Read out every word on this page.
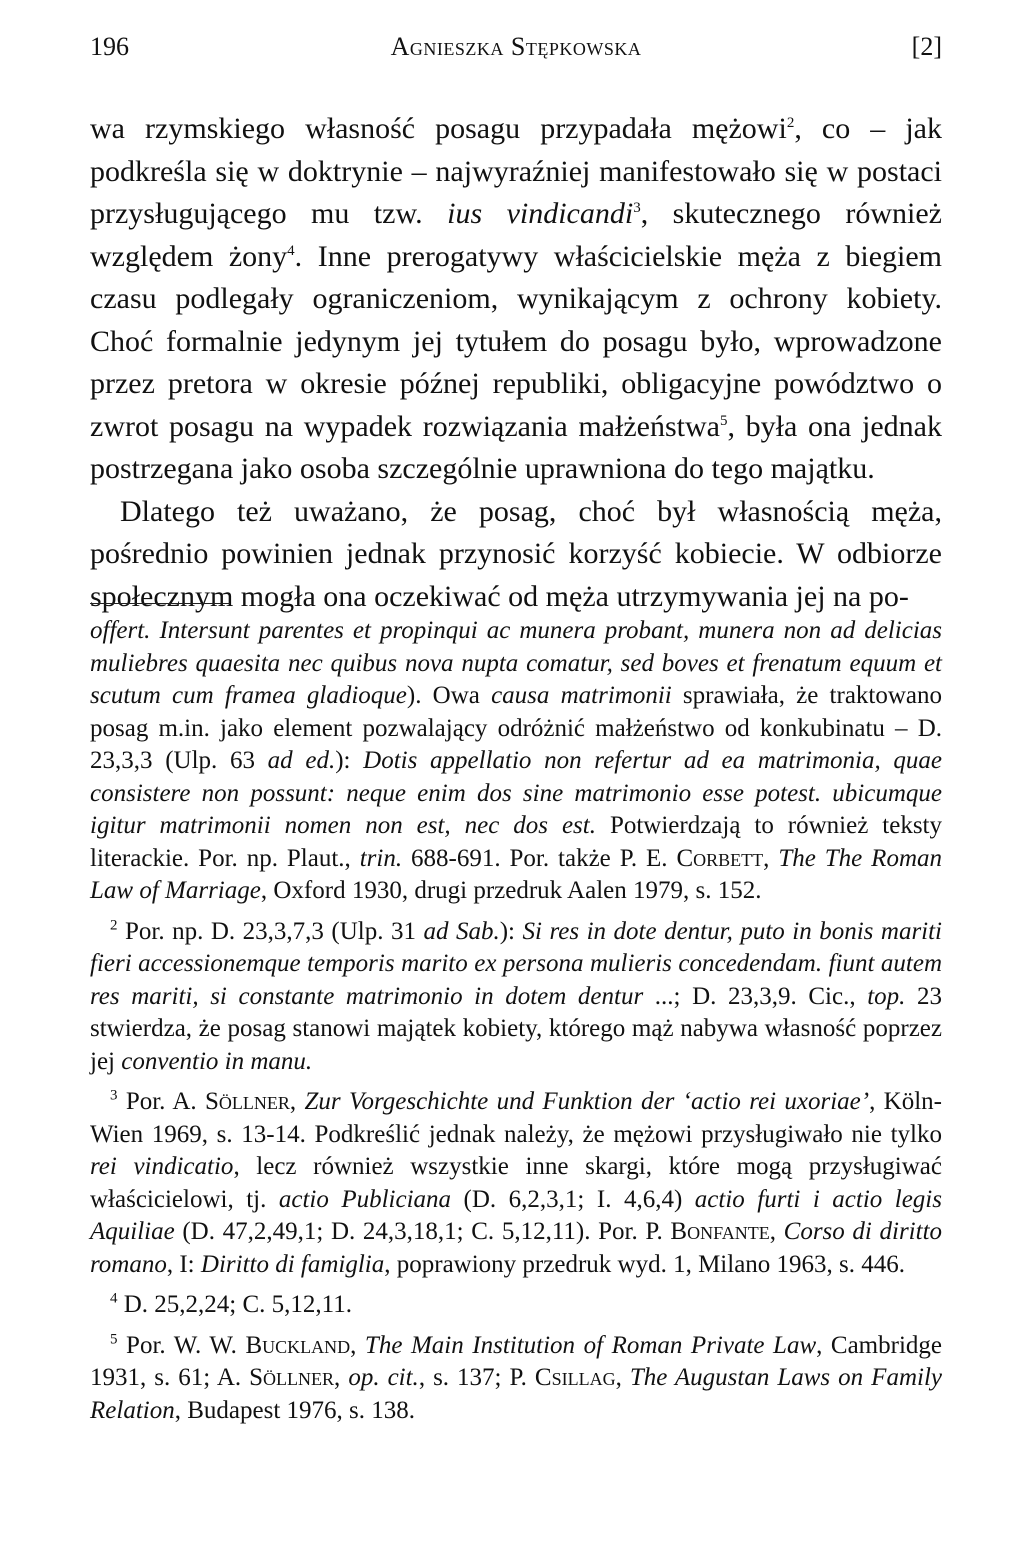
196	Agnieszka Stępkowska	[2]

wa rzymskiego własność posagu przypadała mężowi$^2$, co – jak podkreśla się w doktrynie – najwyraźniej manifestowało się w postaci przysługującego mu tzw. ius vindicandi$^3$, skutecznego również względem żony$^4$. Inne prerogatywy właścicielskie męża z biegiem czasu podlegały ograniczeniom, wynikającym z ochrony kobiety. Choć formalnie jedynym jej tytułem do posagu było, wprowadzone przez pretora w okresie późnej republiki, obligacyjne powództwo o zwrot posagu na wypadek rozwiązania małżeństwa$^5$, była ona jednak postrzegana jako osoba szczególnie uprawniona do tego majątku.

Dlatego też uważano, że posag, choć był własnością męża, pośrednio powinien jednak przynosić korzyść kobiecie. W odbiorze społecznym mogła ona oczekiwać od męża utrzymywania jej na po-

offert. Intersunt parentes et propinqui ac munera probant, munera non ad delicias muliebres quaesita nec quibus nova nupta comatur, sed boves et frenatum equum et scutum cum framea gladioque). Owa causa matrimonii sprawiała, że traktowano posag m.in. jako element pozwalający odróżnić małżeństwo od konkubinatu – D. 23,3,3 (Ulp. 63 ad ed.): Dotis appellatio non refertur ad ea matrimonia, quae consistere non possunt: neque enim dos sine matrimonio esse potest. ubicumque igitur matrimonii nomen non est, nec dos est. Potwierdzają to również teksty literackie. Por. np. Plaut., trin. 688-691. Por. także P. E. Corbett, The The Roman Law of Marriage, Oxford 1930, drugi przedruk Aalen 1979, s. 152.

$^2$ Por. np. D. 23,3,7,3 (Ulp. 31 ad Sab.): Si res in dote dentur, puto in bonis mariti fieri accessionemque temporis marito ex persona mulieris concedendam. fiunt autem res mariti, si constante matrimonio in dotem dentur ...; D. 23,3,9. Cic., top. 23 stwierdza, że posag stanowi majątek kobiety, którego mąż nabywa własność poprzez jej conventio in manu.

$^3$ Por. A. Söllner, Zur Vorgeschichte und Funktion der ‘actio rei uxoriae’, Köln-Wien 1969, s. 13-14. Podkreślić jednak należy, że mężowi przysługiwało nie tylko rei vindicatio, lecz również wszystkie inne skargi, które mogą przysługiwać właścicielowi, tj. actio Publiciana (D. 6,2,3,1; I. 4,6,4) actio furti i actio legis Aquiliae (D. 47,2,49,1; D. 24,3,18,1; C. 5,12,11). Por. P. Bonfante, Corso di diritto romano, I: Diritto di famiglia, poprawiony przedruk wyd. 1, Milano 1963, s. 446.

$^4$ D. 25,2,24; C. 5,12,11.

$^5$ Por. W. W. Buckland, The Main Institution of Roman Private Law, Cambridge 1931, s. 61; A. Söllner, op. cit., s. 137; P. Csillag, The Augustan Laws on Family Relation, Budapest 1976, s. 138.
